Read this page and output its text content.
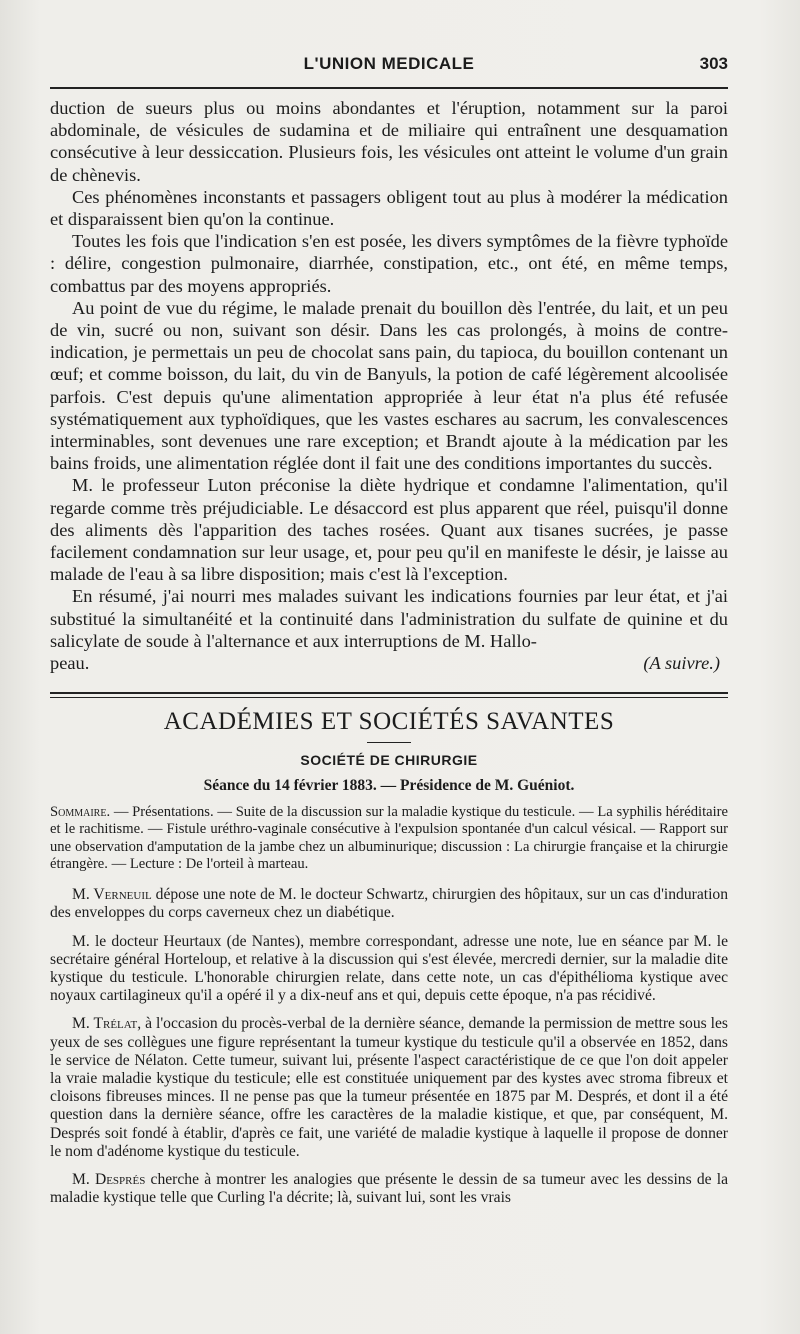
L'UNION MEDICALE	303

duction de sueurs plus ou moins abondantes et l'éruption, notamment sur la paroi abdominale, de vésicules de sudamina et de miliaire qui entraînent une desquamation consécutive à leur dessiccation. Plusieurs fois, les vésicules ont atteint le volume d'un grain de chènevis.

Ces phénomènes inconstants et passagers obligent tout au plus à modérer la médication et disparaissent bien qu'on la continue.

Toutes les fois que l'indication s'en est posée, les divers symptômes de la fièvre typhoïde : délire, congestion pulmonaire, diarrhée, constipation, etc., ont été, en même temps, combattus par des moyens appropriés.

Au point de vue du régime, le malade prenait du bouillon dès l'entrée, du lait, et un peu de vin, sucré ou non, suivant son désir. Dans les cas prolongés, à moins de contre-indication, je permettais un peu de chocolat sans pain, du tapioca, du bouillon contenant un œuf; et comme boisson, du lait, du vin de Banyuls, la potion de café légèrement alcoolisée parfois. C'est depuis qu'une alimentation appropriée à leur état n'a plus été refusée systématiquement aux typhoïdiques, que les vastes eschares au sacrum, les convalescences interminables, sont devenues une rare exception; et Brandt ajoute à la médication par les bains froids, une alimentation réglée dont il fait une des conditions importantes du succès.

M. le professeur Luton préconise la diète hydrique et condamne l'alimentation, qu'il regarde comme très préjudiciable. Le désaccord est plus apparent que réel, puisqu'il donne des aliments dès l'apparition des taches rosées. Quant aux tisanes sucrées, je passe facilement condamnation sur leur usage, et, pour peu qu'il en manifeste le désir, je laisse au malade de l'eau à sa libre disposition; mais c'est là l'exception.

En résumé, j'ai nourri mes malades suivant les indications fournies par leur état, et j'ai substitué la simultanéité et la continuité dans l'administration du sulfate de quinine et du salicylate de soude à l'alternance et aux interruptions de M. Hallo-

peau.	(A suivre.)

ACADÉMIES ET SOCIÉTÉS SAVANTES
SOCIÉTÉ DE CHIRURGIE
Séance du 14 février 1883. — Présidence de M. Guéniot.
Sommaire. — Présentations. — Suite de la discussion sur la maladie kystique du testicule. — La syphilis héréditaire et le rachitisme. — Fistule uréthro-vaginale consécutive à l'expulsion spontanée d'un calcul vésical. — Rapport sur une observation d'amputation de la jambe chez un albuminurique; discussion : La chirurgie française et la chirurgie étrangère. — Lecture : De l'orteil à marteau.

M. Verneuil dépose une note de M. le docteur Schwartz, chirurgien des hôpitaux, sur un cas d'induration des enveloppes du corps caverneux chez un diabétique.

M. le docteur Heurtaux (de Nantes), membre correspondant, adresse une note, lue en séance par M. le secrétaire général Horteloup, et relative à la discussion qui s'est élevée, mercredi dernier, sur la maladie dite kystique du testicule. L'honorable chirurgien relate, dans cette note, un cas d'épithélioma kystique avec noyaux cartilagineux qu'il a opéré il y a dix-neuf ans et qui, depuis cette époque, n'a pas récidivé.

M. Trélat, à l'occasion du procès-verbal de la dernière séance, demande la permission de mettre sous les yeux de ses collègues une figure représentant la tumeur kystique du testicule qu'il a observée en 1852, dans le service de Nélaton. Cette tumeur, suivant lui, présente l'aspect caractéristique de ce que l'on doit appeler la vraie maladie kystique du testicule; elle est constituée uniquement par des kystes avec stroma fibreux et cloisons fibreuses minces. Il ne pense pas que la tumeur présentée en 1875 par M. Després, et dont il a été question dans la dernière séance, offre les caractères de la maladie kistique, et que, par conséquent, M. Després soit fondé à établir, d'après ce fait, une variété de maladie kystique à laquelle il propose de donner le nom d'adénome kystique du testicule.

M. Després cherche à montrer les analogies que présente le dessin de sa tumeur avec les dessins de la maladie kystique telle que Curling l'a décrite; là, suivant lui, sont les vrais
